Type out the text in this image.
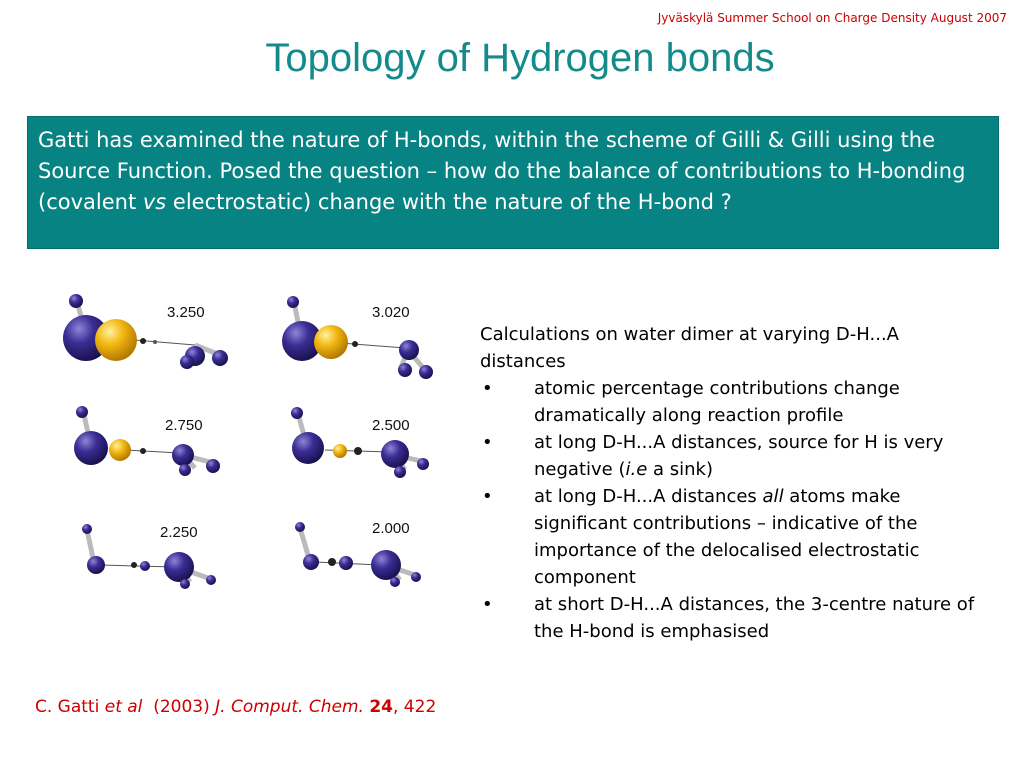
Jyväskylä Summer School on Charge Density August 2007
Topology of Hydrogen bonds
Gatti has examined the nature of H-bonds, within the scheme of Gilli & Gilli using the Source Function. Posed the question – how do the balance of contributions to H-bonding (covalent vs electrostatic) change with the nature of the H-bond ?
3.250	3.020
2.750	2.500
2.250	2.000
Calculations on water dimer at varying D-H...A distances
•	atomic percentage contributions change dramatically along reaction profile
•	at long D-H...A distances, source for H is very negative (i.e a sink)
•	at long D-H...A distances all atoms make significant contributions – indicative of the importance of the delocalised electrostatic component
•	at short D-H...A distances, the 3-centre nature of the H-bond is emphasised
C. Gatti et al  (2003) J. Comput. Chem. 24, 422
